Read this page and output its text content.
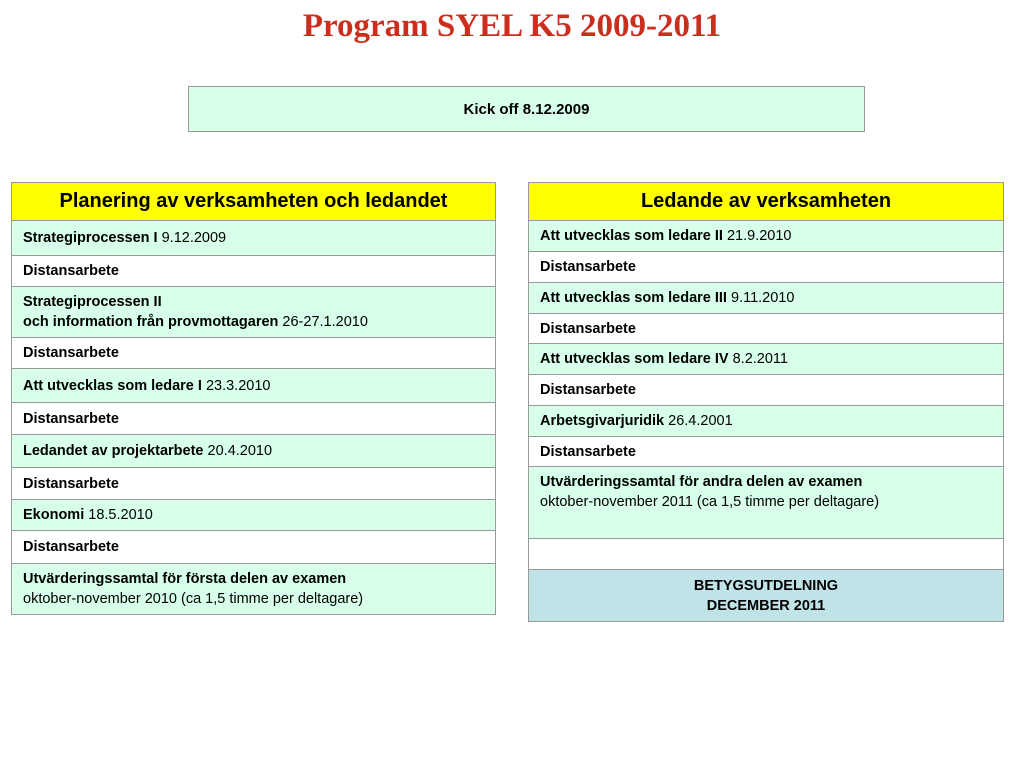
Program SYEL K5 2009-2011
Kick off 8.12.2009
Planering av verksamheten och ledandet
Strategiprocessen I 9.12.2009
Distansarbete
Strategiprocessen II
och information från provmottagaren 26-27.1.2010
Distansarbete
Att utvecklas som ledare I 23.3.2010
Distansarbete
Ledandet av projektarbete 20.4.2010
Distansarbete
Ekonomi 18.5.2010
Distansarbete
Utvärderingssamtal för första delen av examen
oktober-november 2010 (ca 1,5 timme per deltagare)
Ledande av verksamheten
Att utvecklas som ledare II 21.9.2010
Distansarbete
Att utvecklas som ledare III 9.11.2010
Distansarbete
Att utvecklas som ledare IV 8.2.2011
Distansarbete
Arbetsgivarjuridik 26.4.2001
Distansarbete
Utvärderingssamtal för andra delen av examen
oktober-november 2011 (ca 1,5 timme per deltagare)
BETYGSUTDELNING
DECEMBER 2011
